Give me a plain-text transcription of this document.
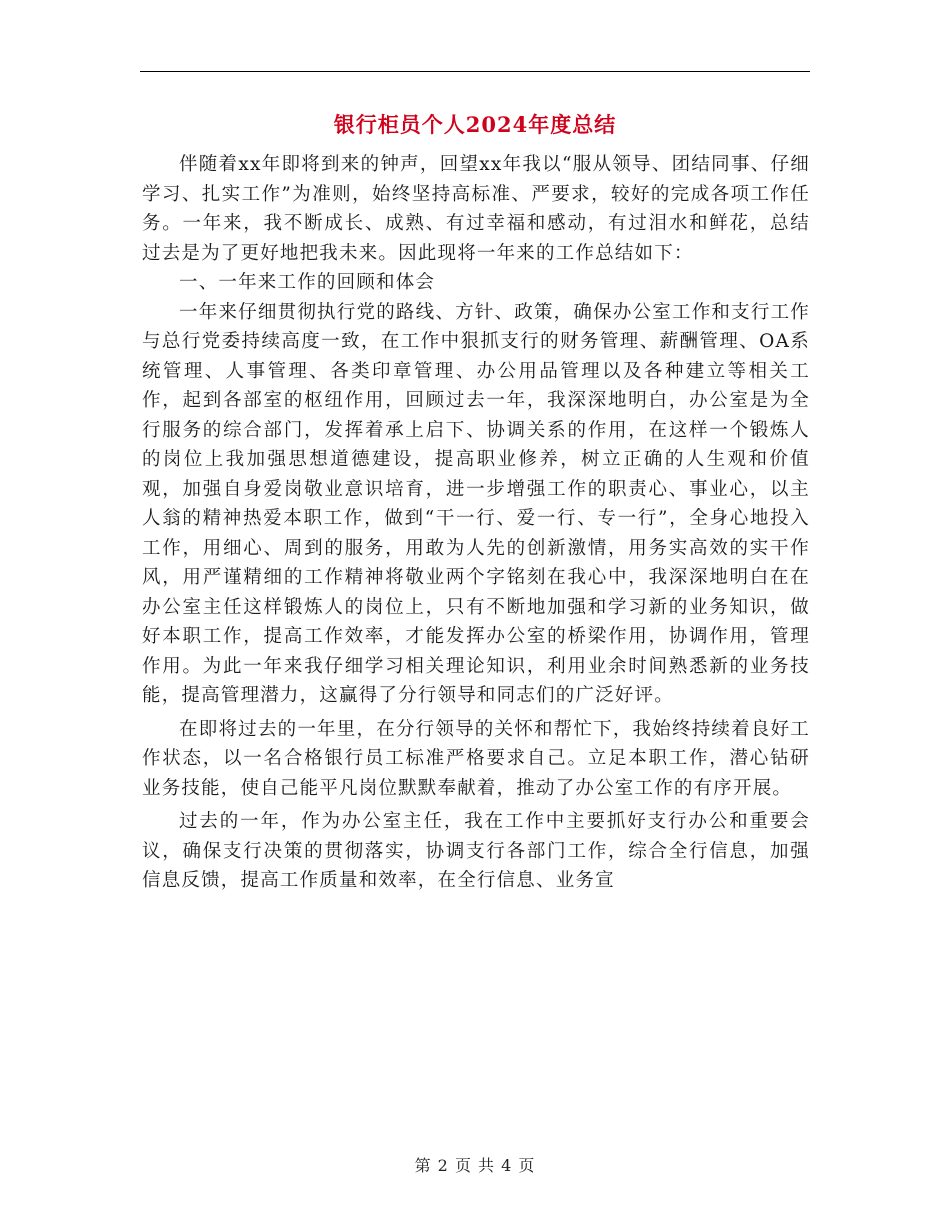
银行柜员个人2024年度总结

伴随着xx年即将到来的钟声，回望xx年我以“服从领导、团结同事、仔细学习、扎实工作”为准则，始终坚持高标准、严要求，较好的完成各项工作任务。一年来，我不断成长、成熟、有过幸福和感动，有过泪水和鲜花，总结过去是为了更好地把我未来。因此现将一年来的工作总结如下：

一、一年来工作的回顾和体会

一年来仔细贯彻执行党的路线、方针、政策，确保办公室工作和支行工作与总行党委持续高度一致，在工作中狠抓支行的财务管理、薪酬管理、OA系统管理、人事管理、各类印章管理、办公用品管理以及各种建立等相关工作，起到各部室的枢纽作用，回顾过去一年，我深深地明白，办公室是为全行服务的综合部门，发挥着承上启下、协调关系的作用，在这样一个锻炼人的岗位上我加强思想道德建设，提高职业修养，树立正确的人生观和价值观，加强自身爱岗敬业意识培育，进一步增强工作的职责心、事业心，以主人翁的精神热爱本职工作，做到“干一行、爱一行、专一行”，全身心地投入工作，用细心、周到的服务，用敢为人先的创新激情，用务实高效的实干作风，用严谨精细的工作精神将敬业两个字铭刻在我心中，我深深地明白在在办公室主任这样锻炼人的岗位上，只有不断地加强和学习新的业务知识，做好本职工作，提高工作效率，才能发挥办公室的桥梁作用，协调作用，管理作用。为此一年来我仔细学习相关理论知识，利用业余时间熟悉新的业务技能，提高管理潜力，这赢得了分行领导和同志们的广泛好评。

在即将过去的一年里，在分行领导的关怀和帮忙下，我始终持续着良好工作状态，以一名合格银行员工标准严格要求自己。立足本职工作，潜心钻研业务技能，使自己能平凡岗位默默奉献着，推动了办公室工作的有序开展。

过去的一年，作为办公室主任，我在工作中主要抓好支行办公和重要会议，确保支行决策的贯彻落实，协调支行各部门工作，综合全行信息，加强信息反馈，提高工作质量和效率，在全行信息、业务宣

第 2 页 共 4 页
